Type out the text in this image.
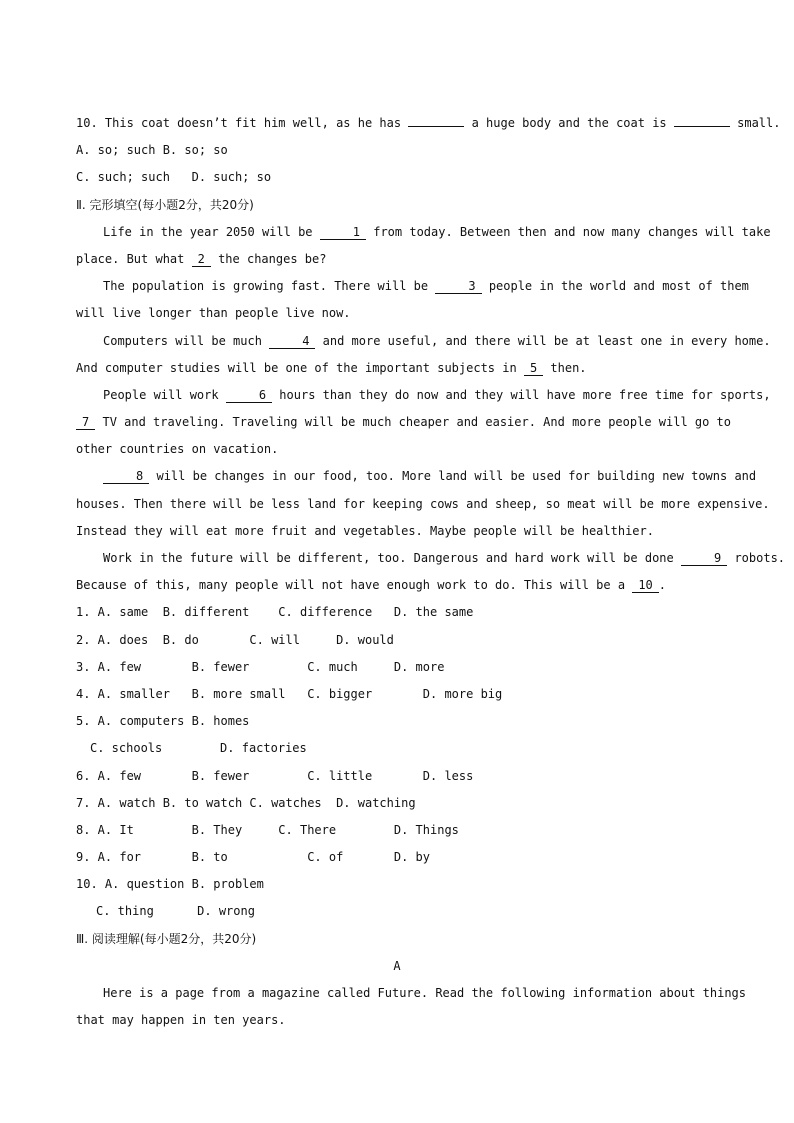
10. This coat doesn’t fit him well, as he has	a huge body and the coat is	small.
A. so; such B. so; so
C. such; such   D. such; so
Ⅱ. 完形填空(每小题2分，共20分)
Life in the year 2050 will be	1 from today. Between then and now many changes will take
place. But what 2 the changes be?
The population is growing fast. There will be	3 people in the world and most of them
will live longer than people live now.
Computers will be much	4 and more useful, and there will be at least one in every home.
And computer studies will be one of the important subjects in 5 then.
People will work	6 hours than they do now and they will have more free time for sports,
7 TV and traveling. Traveling will be much cheaper and easier. And more people will go to
other countries on vacation.
8 will be changes in our food, too. More land will be used for building new towns and
houses. Then there will be less land for keeping cows and sheep, so meat will be more expensive.
Instead they will eat more fruit and vegetables. Maybe people will be healthier.
Work in the future will be different, too. Dangerous and hard work will be done	9 robots.
Because of this, many people will not have enough work to do. This will be a 10 .
1. A. same  B. different    C. difference   D. the same
2. A. does  B. do       C. will     D. would
3. A. few       B. fewer        C. much     D. more
4. A. smaller   B. more small   C. bigger       D. more big
5. A. computers B. homes
C. schools        D. factories
6. A. few       B. fewer        C. little       D. less
7. A. watch B. to watch C. watches  D. watching
8. A. It        B. They     C. There        D. Things
9. A. for       B. to           C. of       D. by
10. A. question B. problem
C. thing      D. wrong
Ⅲ. 阅读理解(每小题2分，共20分)
A
Here is a page from a magazine called Future. Read the following information about things
that may happen in ten years.
